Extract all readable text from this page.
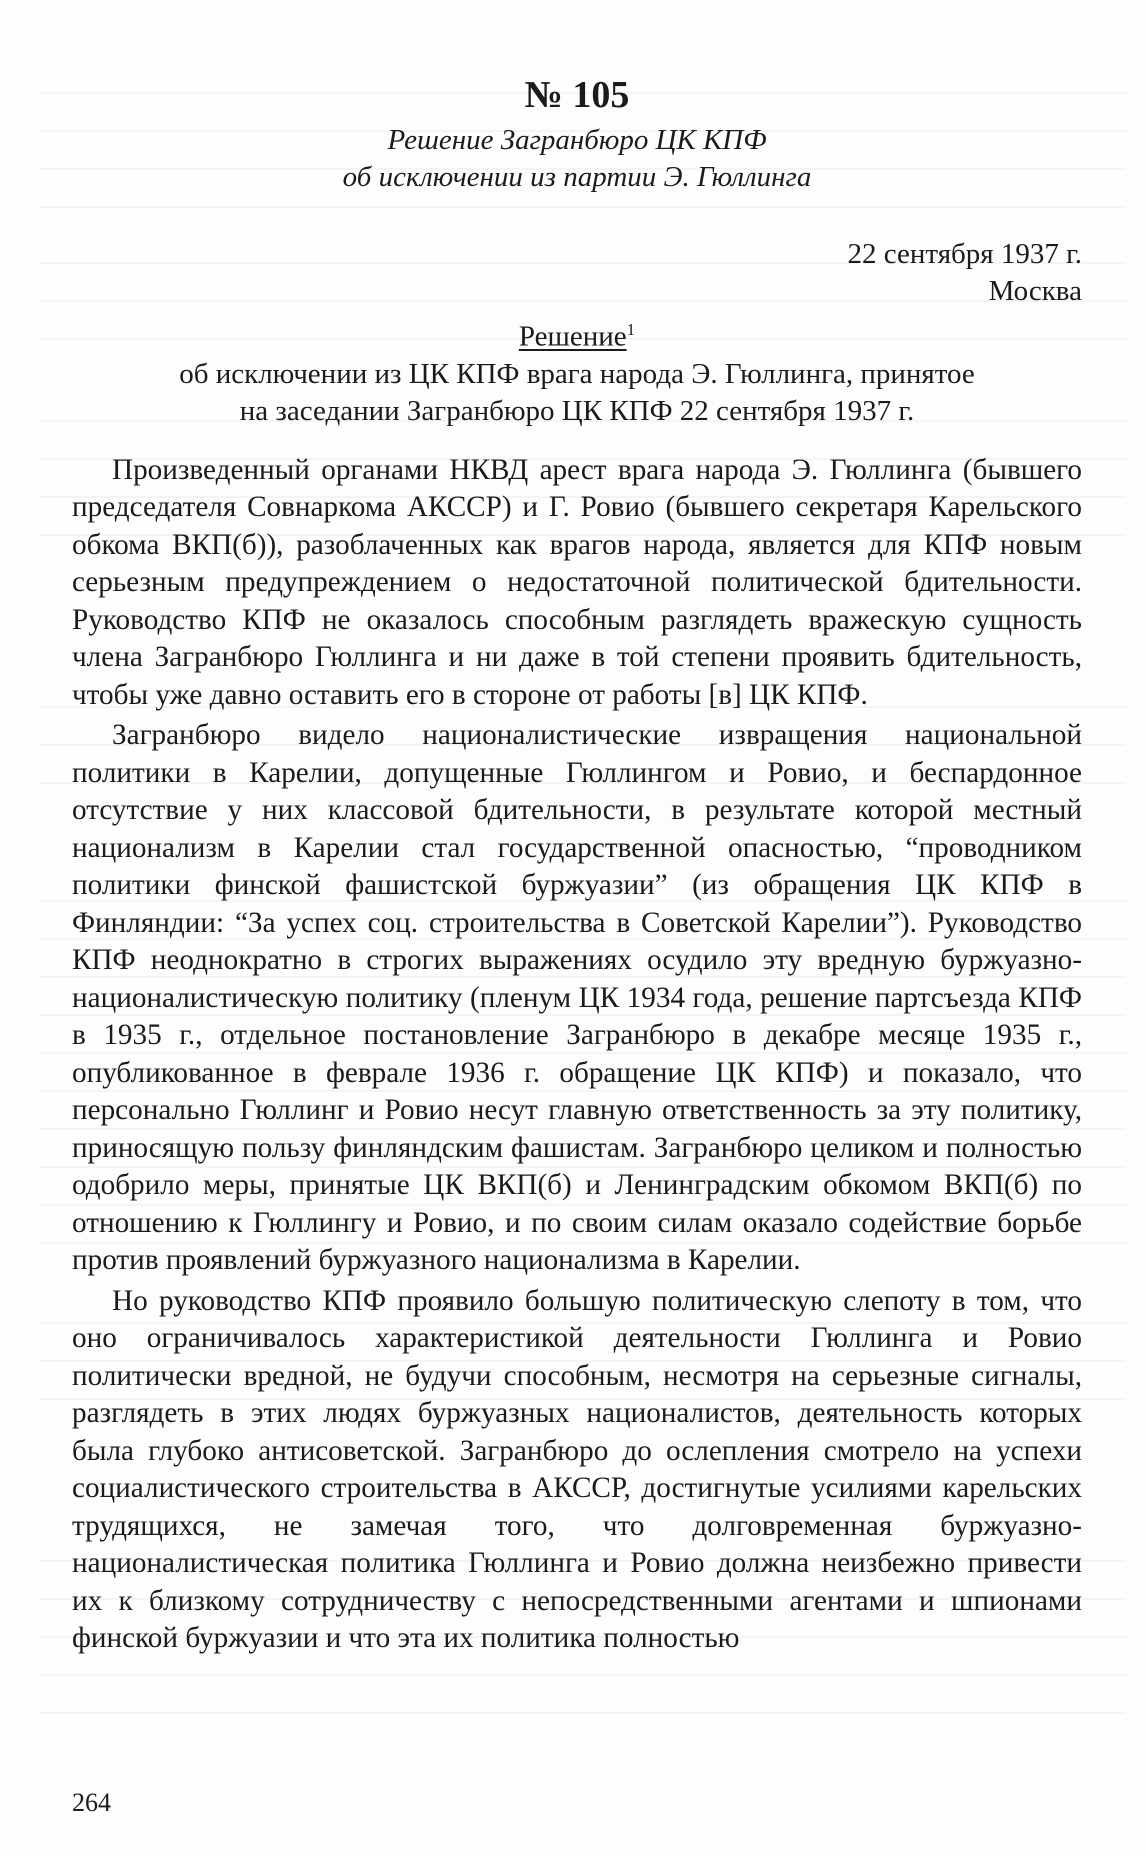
№ 105
Решение Загранбюро ЦК КПФ
об исключении из партии Э. Гюллинга
22 сентября 1937 г.
Москва
Решение$^1$
об исключении из ЦК КПФ врага народа Э. Гюллинга, принятое
на заседании Загранбюро ЦК КПФ 22 сентября 1937 г.

Произведенный органами НКВД арест врага народа Э. Гюллинга (бывшего председателя Совнаркома АКССР) и Г. Ровио (бывшего секретаря Карельского обкома ВКП(б)), разоблаченных как врагов народа, является для КПФ новым серьезным предупреждением о недостаточной политической бдительности. Руководство КПФ не оказалось способным разглядеть вражескую сущность члена Загранбюро Гюллинга и ни даже в той степени проявить бдительность, чтобы уже давно оставить его в стороне от работы [в] ЦК КПФ.

Загранбюро видело националистические извращения национальной политики в Карелии, допущенные Гюллингом и Ровио, и беспардонное отсутствие у них классовой бдительности, в результате которой местный национализм в Карелии стал государственной опасностью, “проводником политики финской фашистской буржуазии” (из обращения ЦК КПФ в Финляндии: “За успех соц. строительства в Советской Карелии”). Руководство КПФ неоднократно в строгих выражениях осудило эту вредную буржуазно-националистическую политику (пленум ЦК 1934 года, решение партсъезда КПФ в 1935 г., отдельное постановление Загранбюро в декабре месяце 1935 г., опубликованное в феврале 1936 г. обращение ЦК КПФ) и показало, что персонально Гюллинг и Ровио несут главную ответственность за эту политику, приносящую пользу финляндским фашистам. Загранбюро целиком и полностью одобрило меры, принятые ЦК ВКП(б) и Ленинградским обкомом ВКП(б) по отношению к Гюллингу и Ровио, и по своим силам оказало содействие борьбе против проявлений буржуазного национализма в Карелии.

Но руководство КПФ проявило большую политическую слепоту в том, что оно ограничивалось характеристикой деятельности Гюллинга и Ровио политически вредной, не будучи способным, несмотря на серьезные сигналы, разглядеть в этих людях буржуазных националистов, деятельность которых была глубоко антисоветской. Загранбюро до ослепления смотрело на успехи социалистического строительства в АКССР, достигнутые усилиями карельских трудящихся, не замечая того, что долговременная буржуазно-националистическая политика Гюллинга и Ровио должна неизбежно привести их к близкому сотрудничеству с непосредственными агентами и шпионами финской буржуазии и что эта их политика полностью

264
